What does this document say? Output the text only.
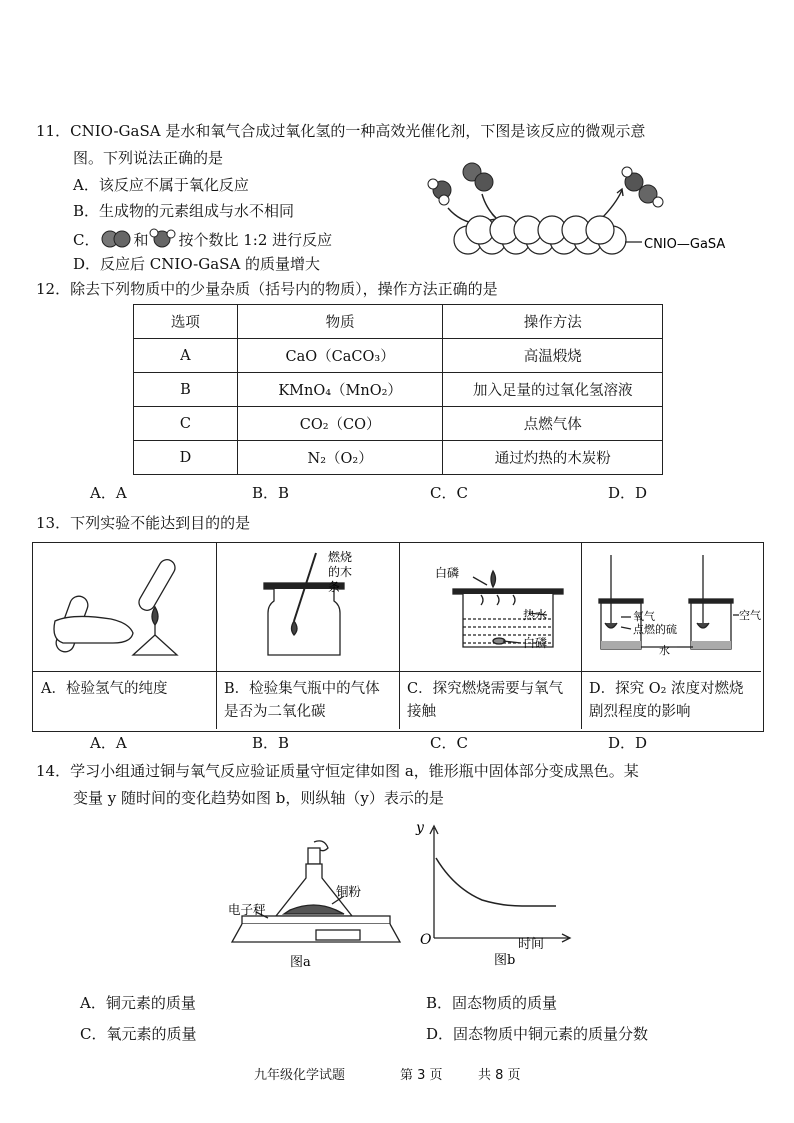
11．CNIO-GaSA 是水和氧气合成过氧化氢的一种高效光催化剂，下图是该反应的微观示意
图。下列说法正确的是
A．该反应不属于氧化反应
B．生成物的元素组成与水不相同
C． 和 按个数比 1:2 进行反应
D．反应后 CNIO-GaSA 的质量增大
CNIO—GaSA
12．除去下列物质中的少量杂质（括号内的物质），操作方法正确的是
选项	物质	操作方法
A	CaO（CaCO₃）	高温煅烧
B	KMnO₄（MnO₂）	加入足量的过氧化氢溶液
C	CO₂（CO）	点燃气体
D	N₂（O₂）	通过灼热的木炭粉
A．A	B．B	C．C	D．D
13．下列实验不能达到目的的是
A．检验氢气的纯度
燃烧
的木
条
B．检验集气瓶中的气体是否为二氧化碳
白磷
热水
白磷
C．探究燃烧需要与氧气接触
氧气
点燃的硫
水
空气
D．探究 O₂ 浓度对燃烧剧烈程度的影响
A．A	B．B	C．C	D．D
14．学习小组通过铜与氧气反应验证质量守恒定律如图 a，锥形瓶中固体部分变成黑色。某
变量 y 随时间的变化趋势如图 b，则纵轴（y）表示的是
电子秤
铜粉
图a
y
O	时间
图b
A．铜元素的质量	B．固态物质的质量
C．氧元素的质量	D．固态物质中铜元素的质量分数
九年级化学试题	第 3 页	共 8 页
